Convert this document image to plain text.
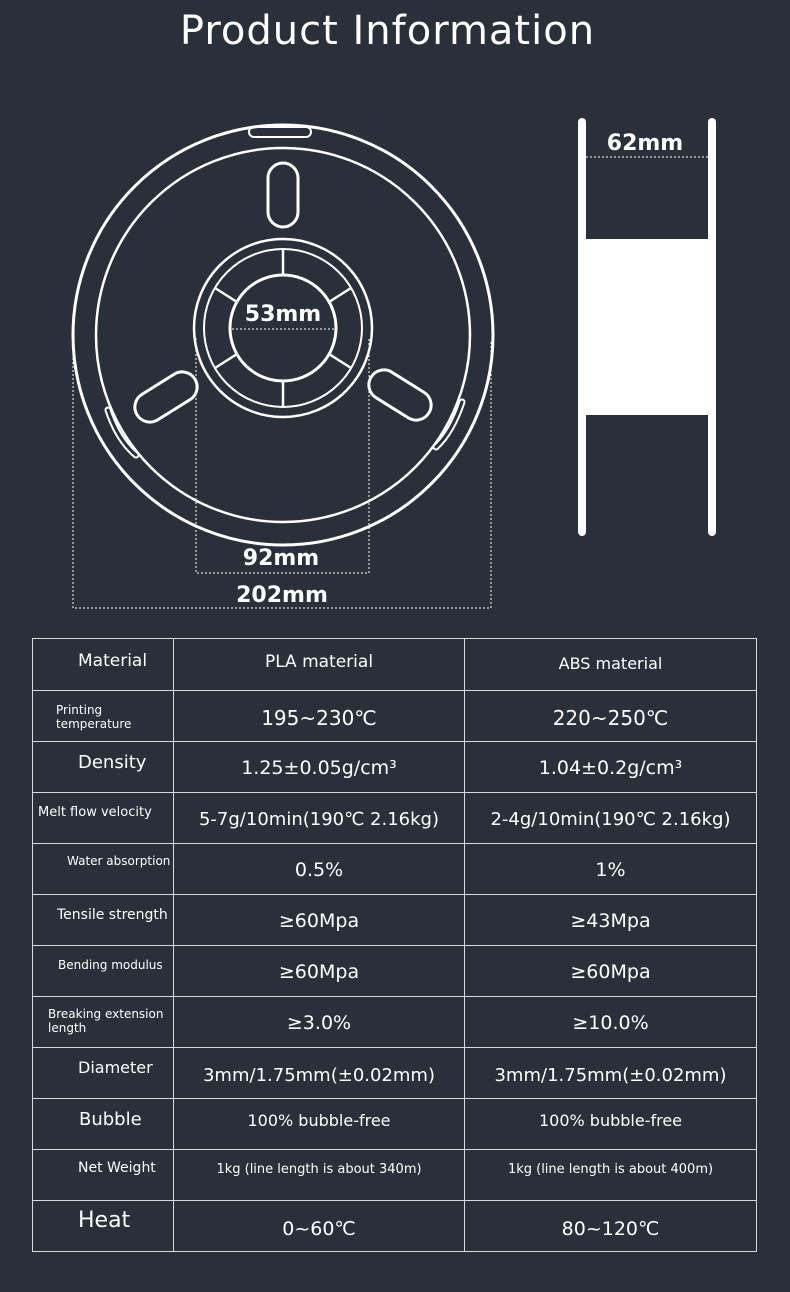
Product Information
53mm
92mm
202mm
62mm
Material	PLA material	ABS material
Printing
temperature	195~230℃	220~250℃
Density	1.25±0.05g/cm³	1.04±0.2g/cm³
Melt flow velocity	5-7g/10min(190℃ 2.16kg)	2-4g/10min(190℃ 2.16kg)
Water absorption	0.5%	1%
Tensile strength	≥60Mpa	≥43Mpa
Bending modulus	≥60Mpa	≥60Mpa
Breaking extension
length	≥3.0%	≥10.0%
Diameter	3mm/1.75mm(±0.02mm)	3mm/1.75mm(±0.02mm)
Bubble	100% bubble-free	100% bubble-free
Net Weight	1kg (line length is about 340m)	1kg (line length is about 400m)
Heat	0~60℃	80~120℃
